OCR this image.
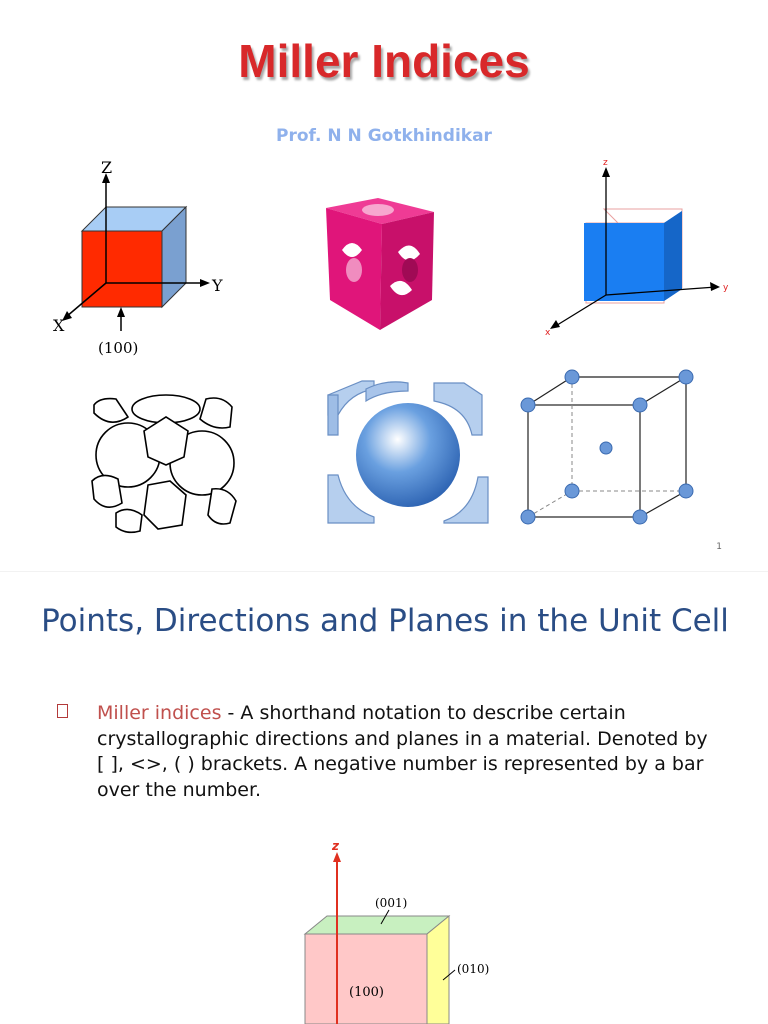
Miller Indices
Prof. N N Gotkhindikar
Z
Y
X
(100)
z
y
x
1
Points, Directions and Planes in the Unit Cell
Miller indices - A shorthand notation to describe certain crystallographic directions and planes in a material. Denoted by [ ], <>, ( ) brackets. A negative number is represented by a bar over the number.
z
(001)
(010)
(100)
